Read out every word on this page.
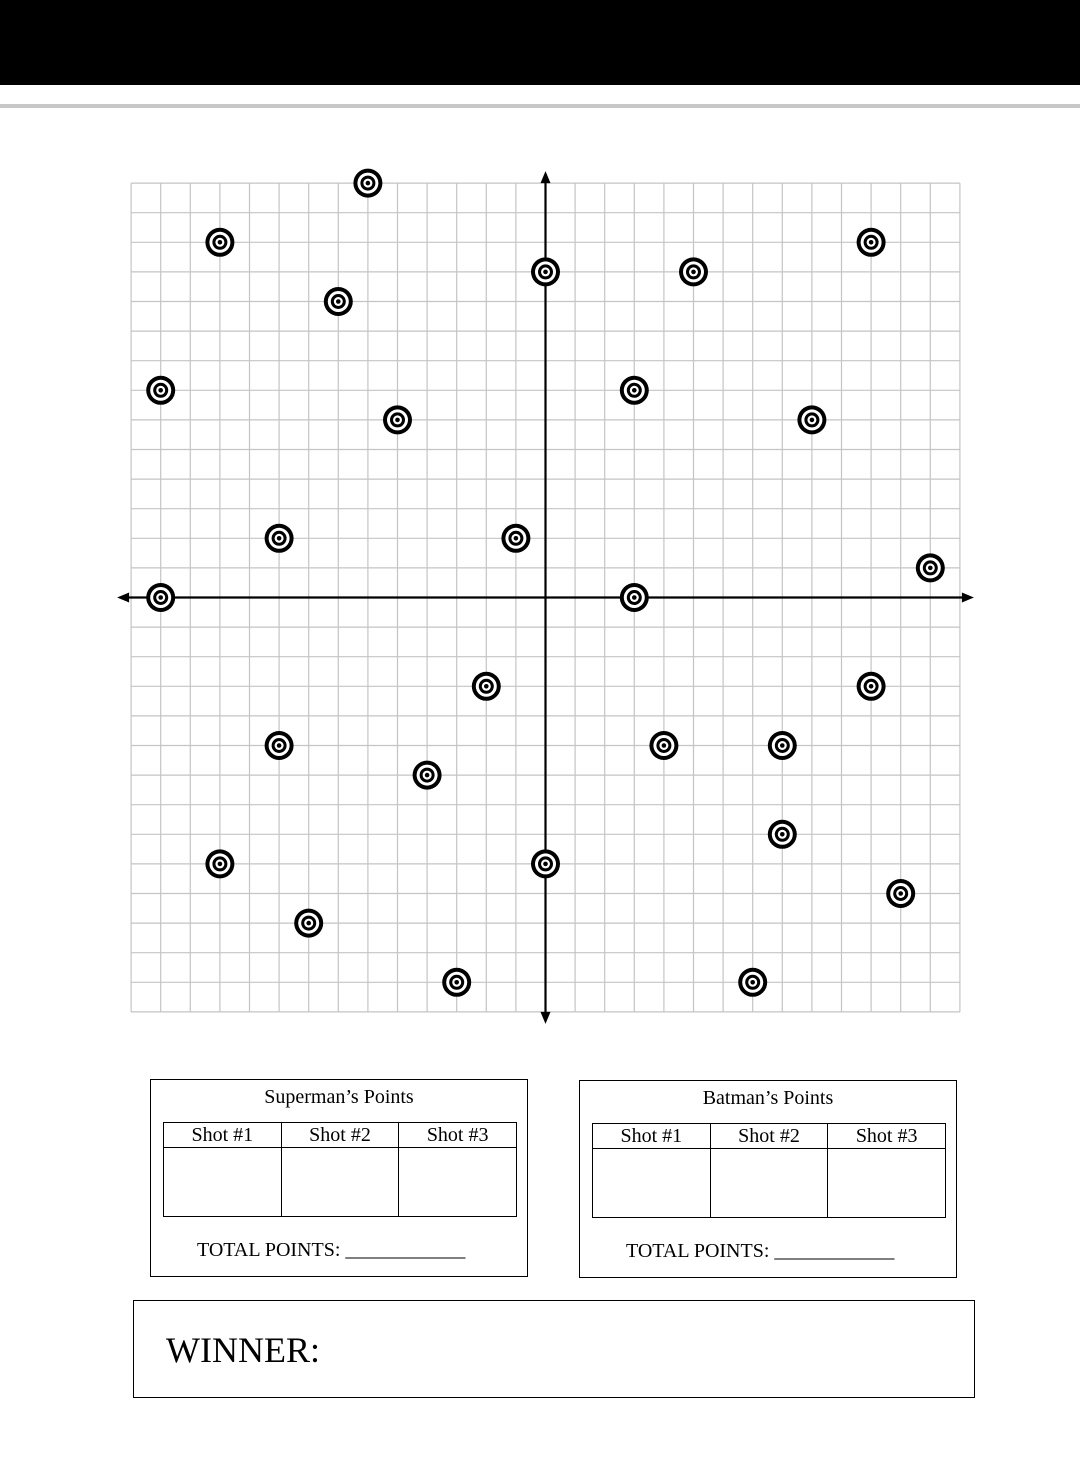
Superman’s Points
Shot #1	Shot #2	Shot #3

TOTAL POINTS: ____________
Batman’s Points
Shot #1	Shot #2	Shot #3

TOTAL POINTS: ____________
WINNER:
